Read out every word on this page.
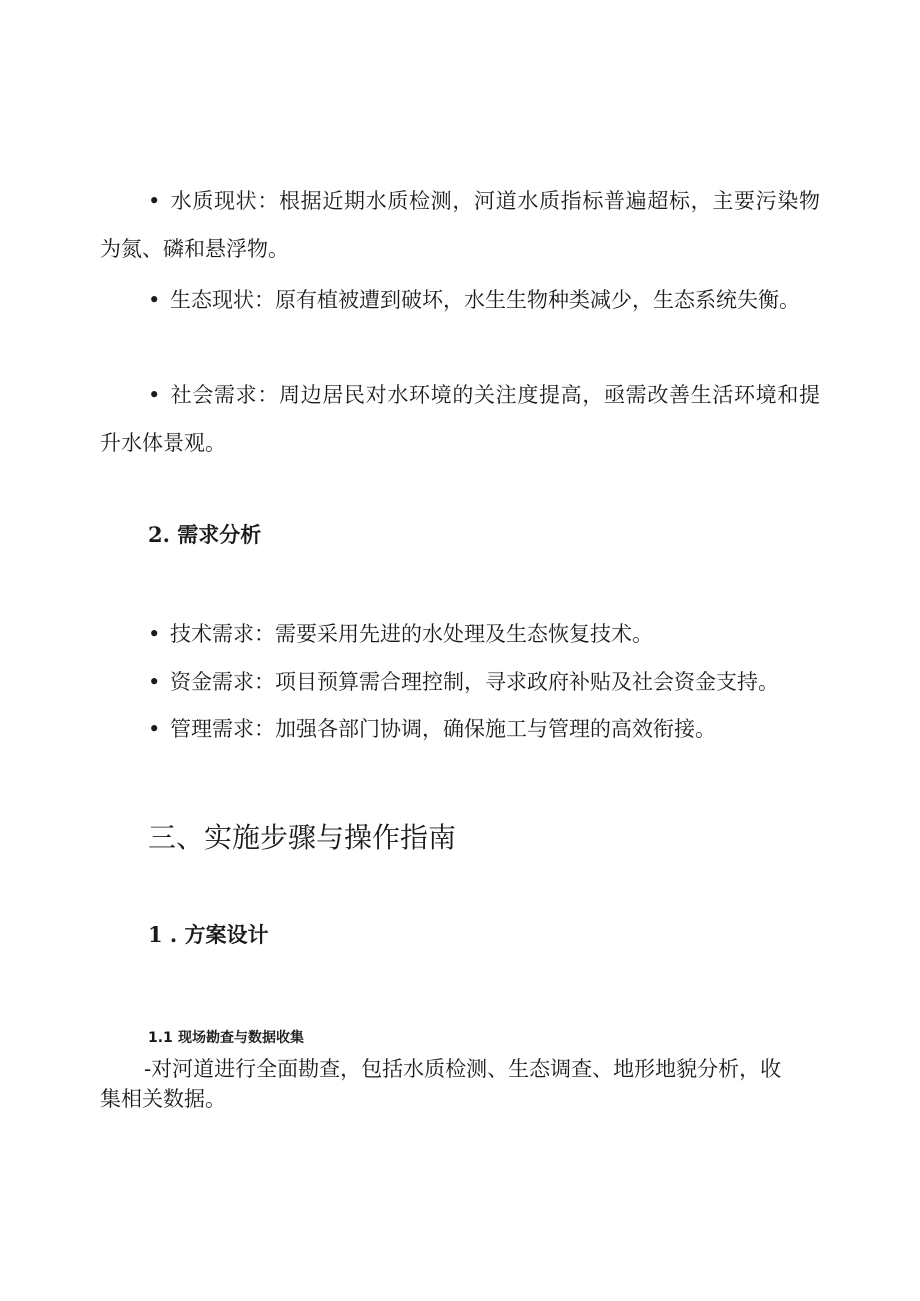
• 水质现状：根据近期水质检测，河道水质指标普遍超标，主要污染物为氮、磷和悬浮物。

• 生态现状：原有植被遭到破坏，水生生物种类减少，生态系统失衡。

• 社会需求：周边居民对水环境的关注度提高，亟需改善生活环境和提升水体景观。

2. 需求分析

• 技术需求：需要采用先进的水处理及生态恢复技术。

• 资金需求：项目预算需合理控制，寻求政府补贴及社会资金支持。

• 管理需求：加强各部门协调，确保施工与管理的高效衔接。

三、实施步骤与操作指南
1 . 方案设计
1.1 现场勘查与数据收集

-对河道进行全面勘查，包括水质检测、生态调查、地形地貌分析，收集相关数据。
